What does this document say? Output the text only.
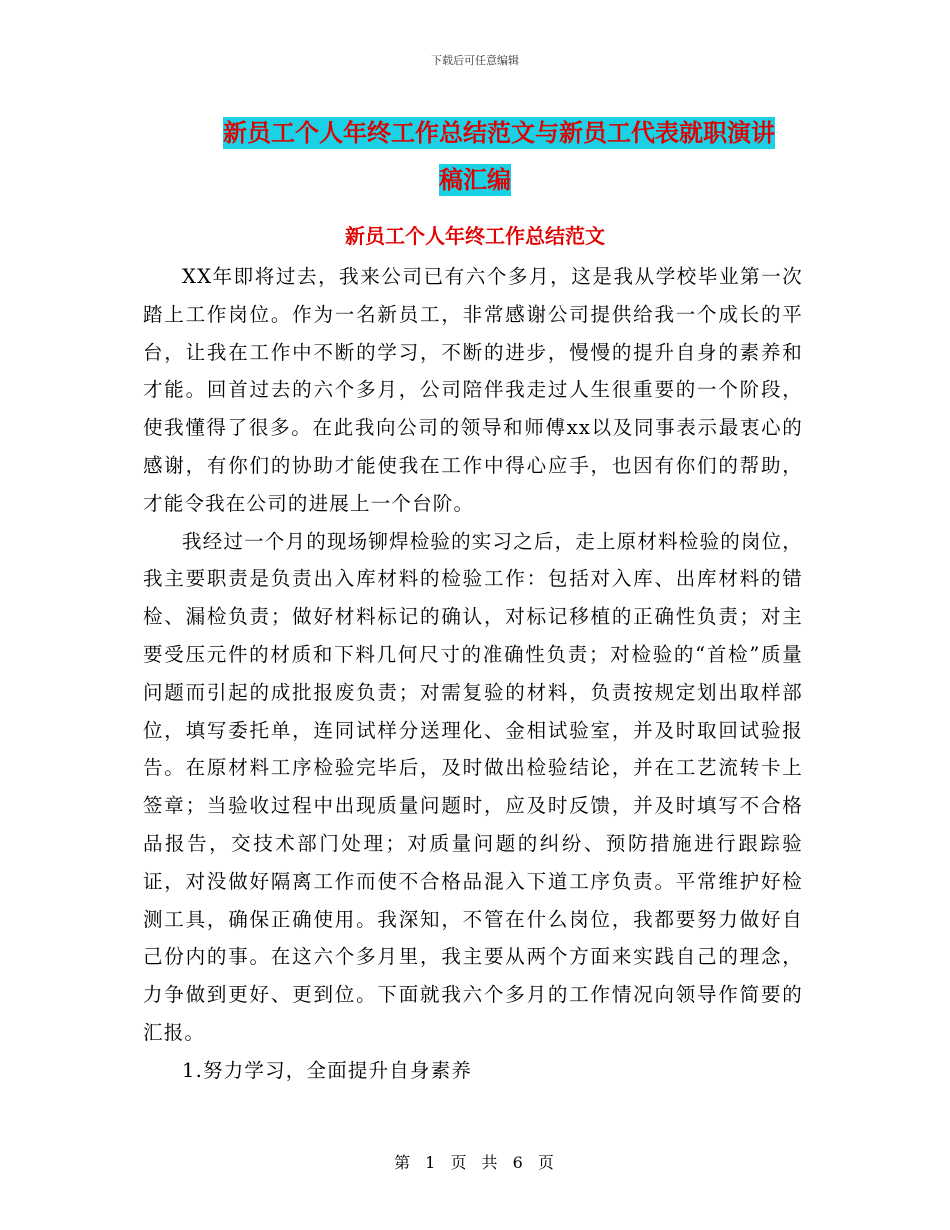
下载后可任意编辑
新员工个人年终工作总结范文与新员工代表就职演讲
稿汇编
新员工个人年终工作总结范文

XX年即将过去，我来公司已有六个多月，这是我从学校毕业第一次踏上工作岗位。作为一名新员工，非常感谢公司提供给我一个成长的平台，让我在工作中不断的学习，不断的进步，慢慢的提升自身的素养和才能。回首过去的六个多月，公司陪伴我走过人生很重要的一个阶段，使我懂得了很多。在此我向公司的领导和师傅xx以及同事表示最衷心的感谢，有你们的协助才能使我在工作中得心应手，也因有你们的帮助，才能令我在公司的进展上一个台阶。

我经过一个月的现场铆焊检验的实习之后，走上原材料检验的岗位，我主要职责是负责出入库材料的检验工作：包括对入库、出库材料的错检、漏检负责；做好材料标记的确认，对标记移植的正确性负责；对主要受压元件的材质和下料几何尺寸的准确性负责；对检验的“首检”质量问题而引起的成批报废负责；对需复验的材料，负责按规定划出取样部位，填写委托单，连同试样分送理化、金相试验室，并及时取回试验报告。在原材料工序检验完毕后，及时做出检验结论，并在工艺流转卡上签章；当验收过程中出现质量问题时，应及时反馈，并及时填写不合格品报告，交技术部门处理；对质量问题的纠纷、预防措施进行跟踪验证，对没做好隔离工作而使不合格品混入下道工序负责。平常维护好检测工具，确保正确使用。我深知，不管在什么岗位，我都要努力做好自己份内的事。在这六个多月里，我主要从两个方面来实践自己的理念，力争做到更好、更到位。下面就我六个多月的工作情况向领导作简要的汇报。

1.努力学习，全面提升自身素养

第 1 页 共 6 页
